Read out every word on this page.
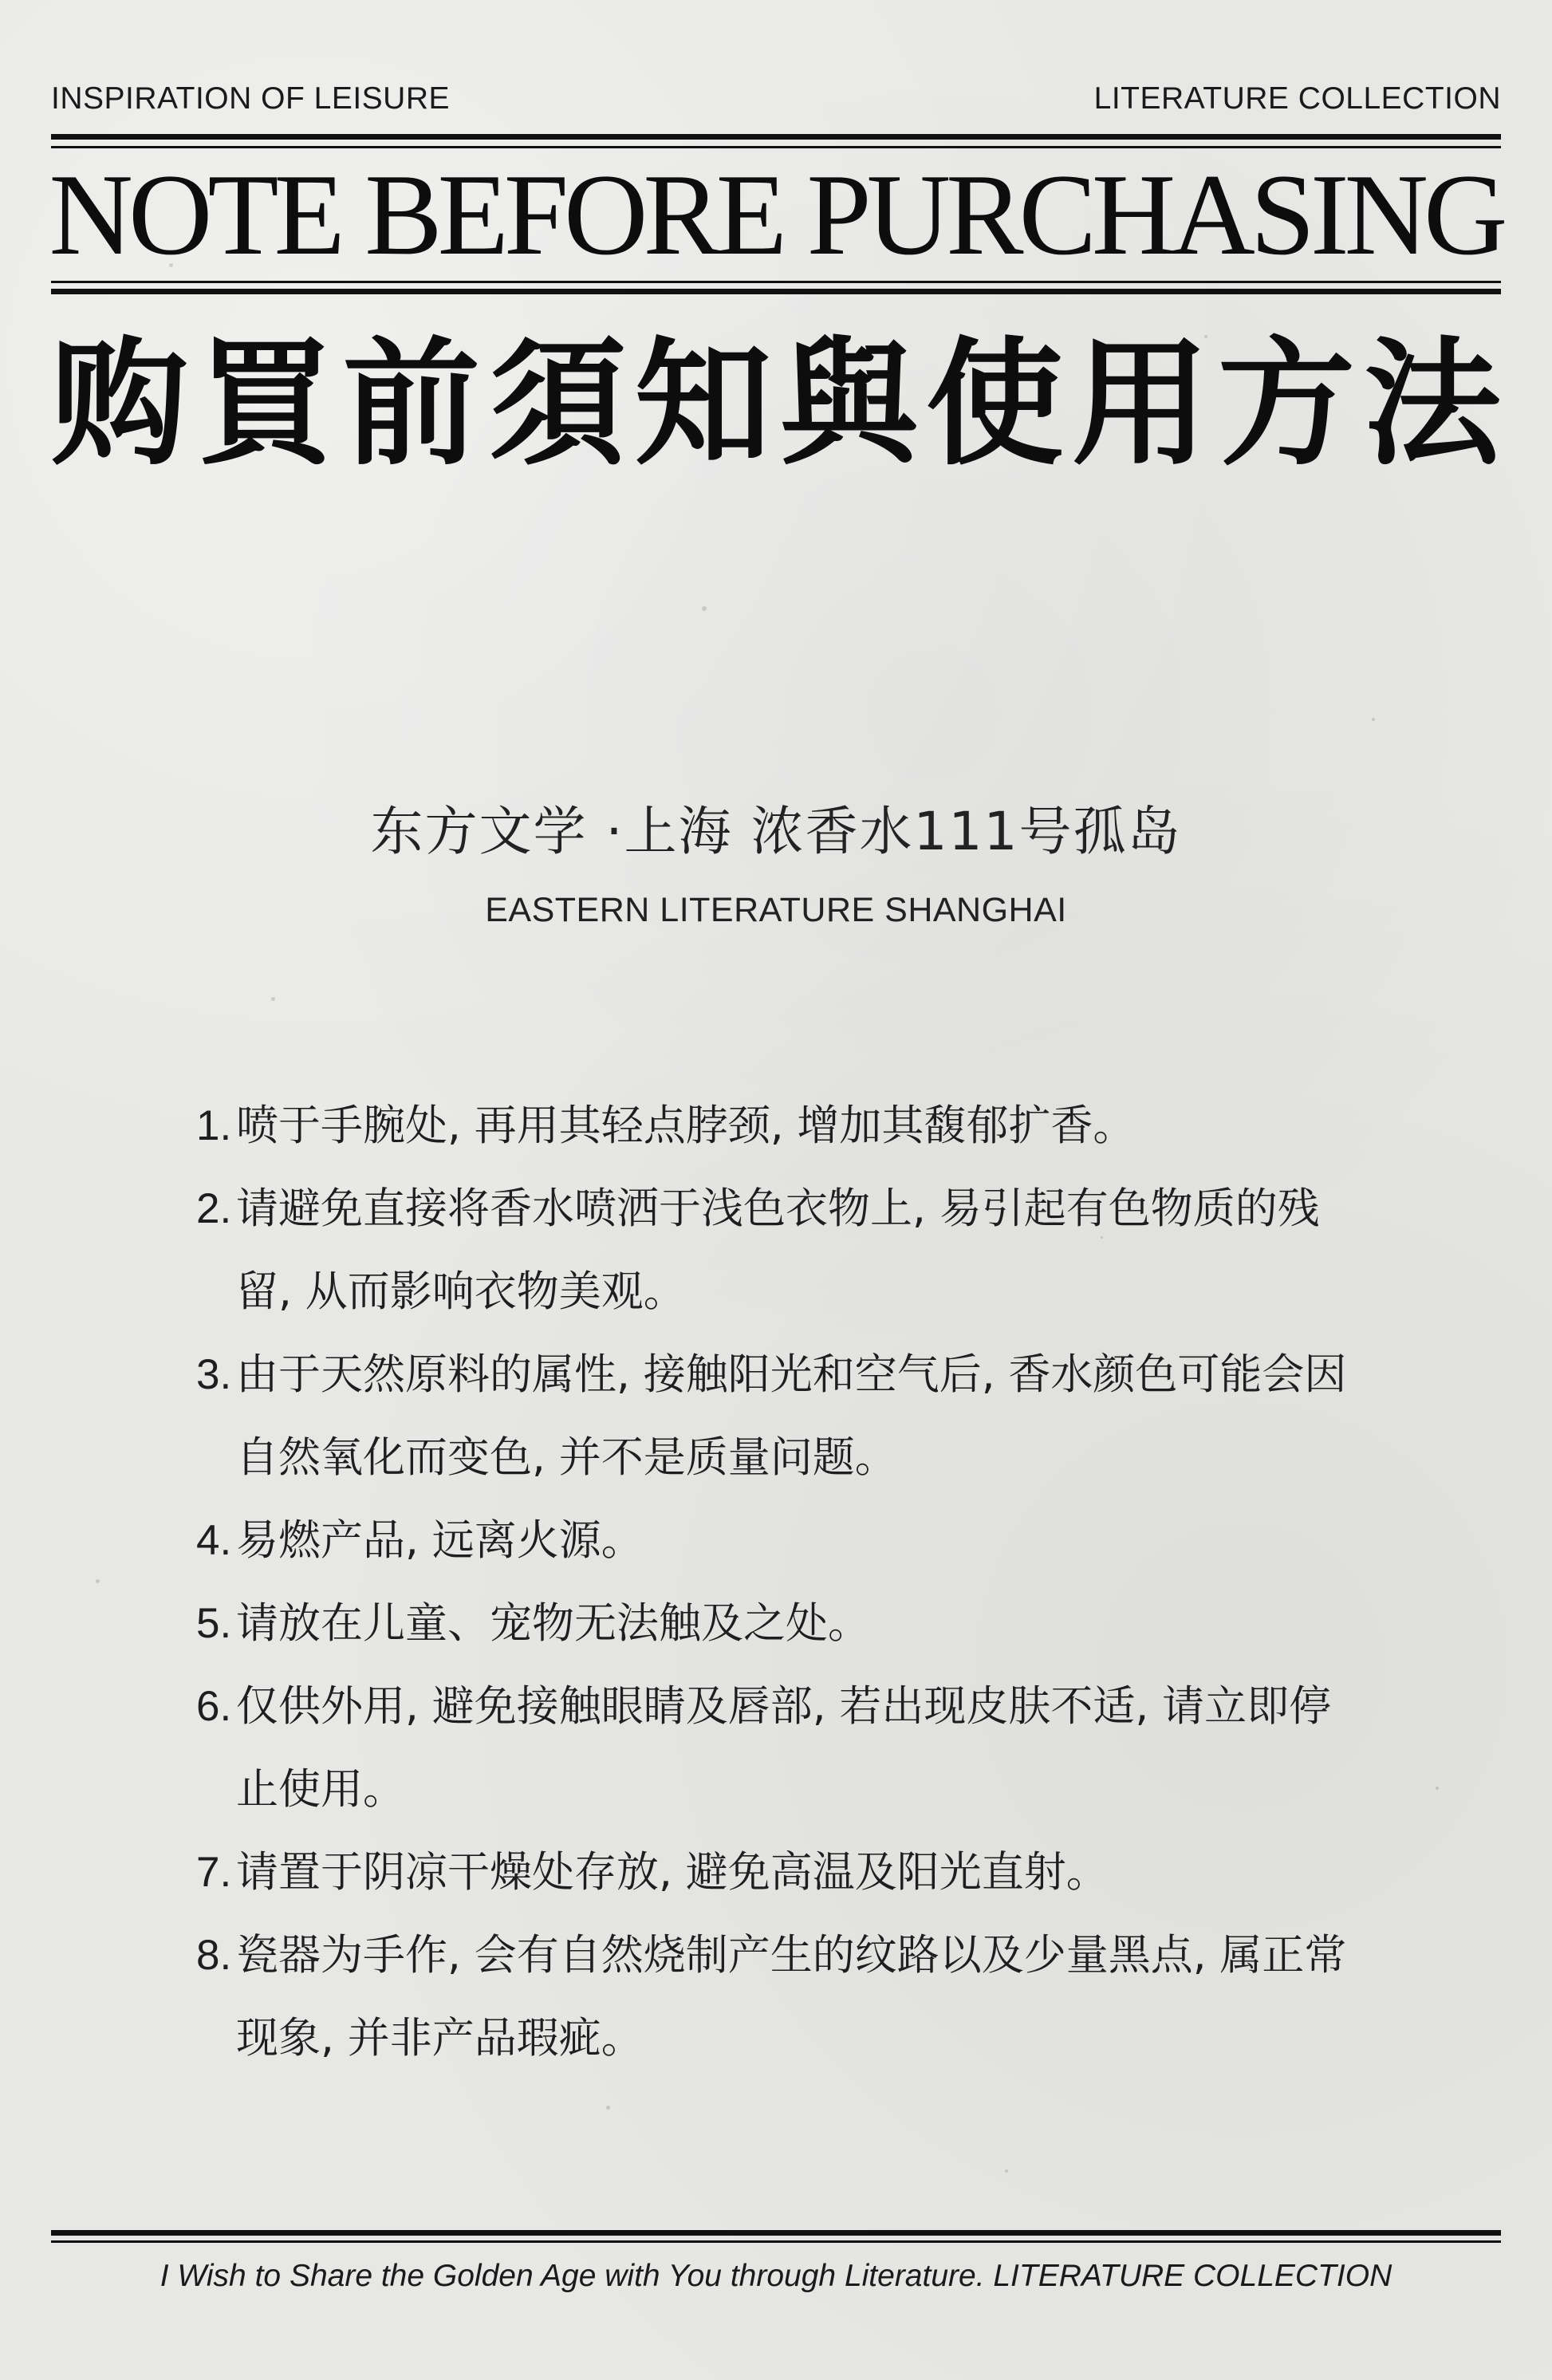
INSPIRATION OF LEISURE	LITERATURE COLLECTION
NOTE BEFORE PURCHASING
购 買 前 須 知 與 使 用 方 法
东方文学 ·上海 浓香水111号孤岛
EASTERN LITERATURE SHANGHAI
1. 喷于手腕处, 再用其轻点脖颈, 增加其馥郁扩香。
2. 请避免直接将香水喷洒于浅色衣物上, 易引起有色物质的残留, 从而影响衣物美观。
3. 由于天然原料的属性, 接触阳光和空气后, 香水颜色可能会因自然氧化而变色, 并不是质量问题。
4. 易燃产品, 远离火源。
5. 请放在儿童、宠物无法触及之处。
6. 仅供外用, 避免接触眼睛及唇部, 若出现皮肤不适, 请立即停止使用。
7. 请置于阴凉干燥处存放, 避免高温及阳光直射。
8. 瓷器为手作, 会有自然烧制产生的纹路以及少量黑点, 属正常现象, 并非产品瑕疵。
I Wish to Share the Golden Age with You through Literature. LITERATURE COLLECTION
